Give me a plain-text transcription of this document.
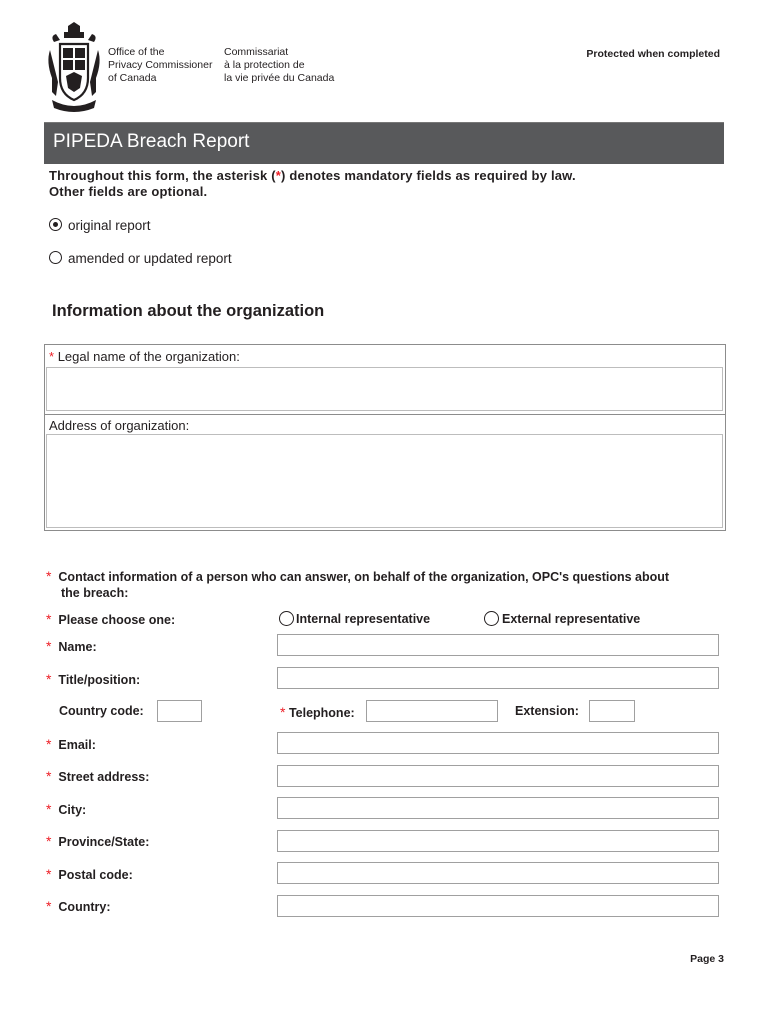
Office of the
Privacy Commissioner
of Canada
Commissariat
à la protection de
la vie privée du Canada
Protected when completed
PIPEDA Breach Report
Throughout this form, the asterisk (*) denotes mandatory fields as required by law.
Other fields are optional.
original report
amended or updated report
Information about the organization
* Legal name of the organization:
Address of organization:
* Contact information of a person who can answer, on behalf of the organization, OPC's questions about
the breach:
* Please choose one:	Internal representative	External representative
* Name:
* Title/position:
Country code:	* Telephone:	Extension:
* Email:
* Street address:
* City:
* Province/State:
* Postal code:
* Country:
Page 3
